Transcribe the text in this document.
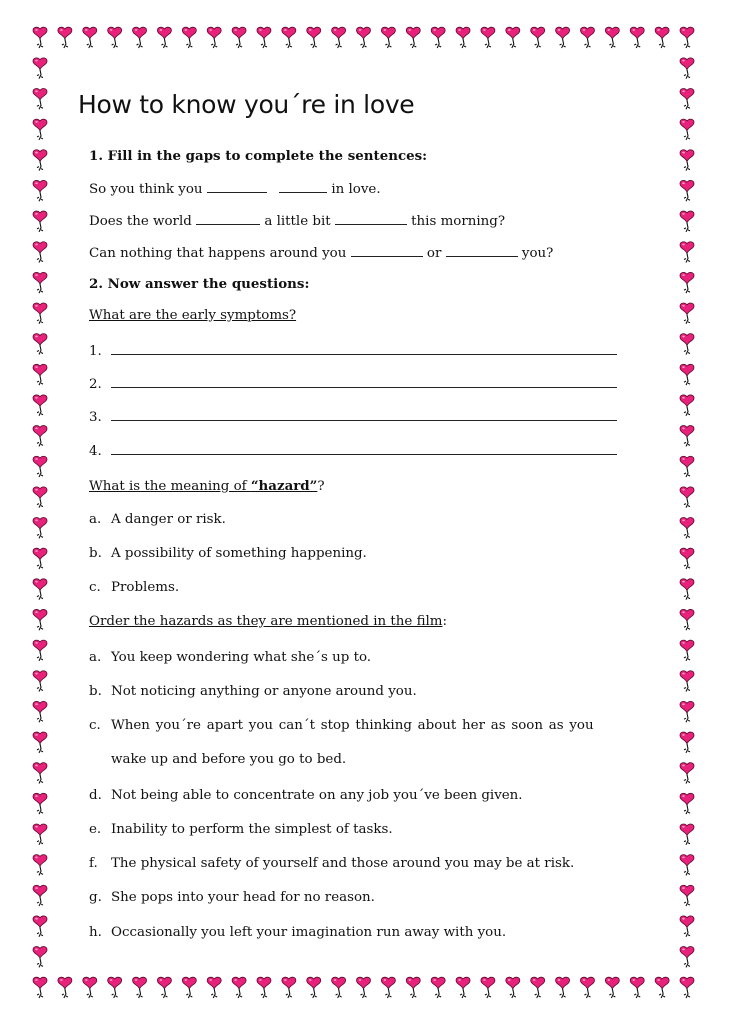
How to know you´re in love
1. Fill in the gaps to complete the sentences:
So you think you	in love.
Does the world	a little bit	this morning?
Can nothing that happens around you	or	you?
2. Now answer the questions:
What are the early symptoms?
1.
2.
3.
4.
What is the meaning of “hazard”?
a. A danger or risk.
b. A possibility of something happening.
c. Problems.
Order the hazards as they are mentioned in the film:
a. You keep wondering what she´s up to.
b. Not noticing anything or anyone around you.
c. When you´re apart you can´t stop thinking about her as soon as you
wake up and before you go to bed.
d. Not being able to concentrate on any job you´ve been given.
e. Inability to perform the simplest of tasks.
f. The physical safety of yourself and those around you may be at risk.
g. She pops into your head for no reason.
h. Occasionally you left your imagination run away with you.
